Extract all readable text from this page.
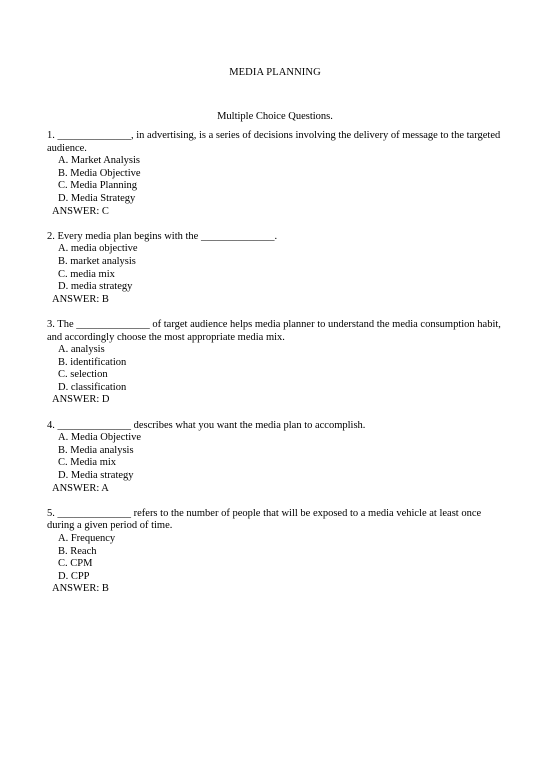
MEDIA PLANNING
Multiple Choice Questions.

1. ______________, in advertising, is a series of decisions involving the delivery of message to the targeted audience.

A. Market Analysis

B. Media Objective

C. Media Planning

D. Media Strategy

ANSWER: C

2. Every media plan begins with the ______________.

A. media objective

B. market analysis

C. media mix

D. media strategy

ANSWER: B

3. The ______________ of target audience helps media planner to understand the media consumption habit, and accordingly choose the most appropriate media mix.

A. analysis

B. identification

C. selection

D. classification

ANSWER: D

4. ______________ describes what you want the media plan to accomplish.

A. Media Objective

B. Media analysis

C. Media mix

D. Media strategy

ANSWER: A

5. ______________ refers to the number of people that will be exposed to a media vehicle at least once during a given period of time.

A. Frequency

B. Reach

C. CPM

D. CPP

ANSWER: B
